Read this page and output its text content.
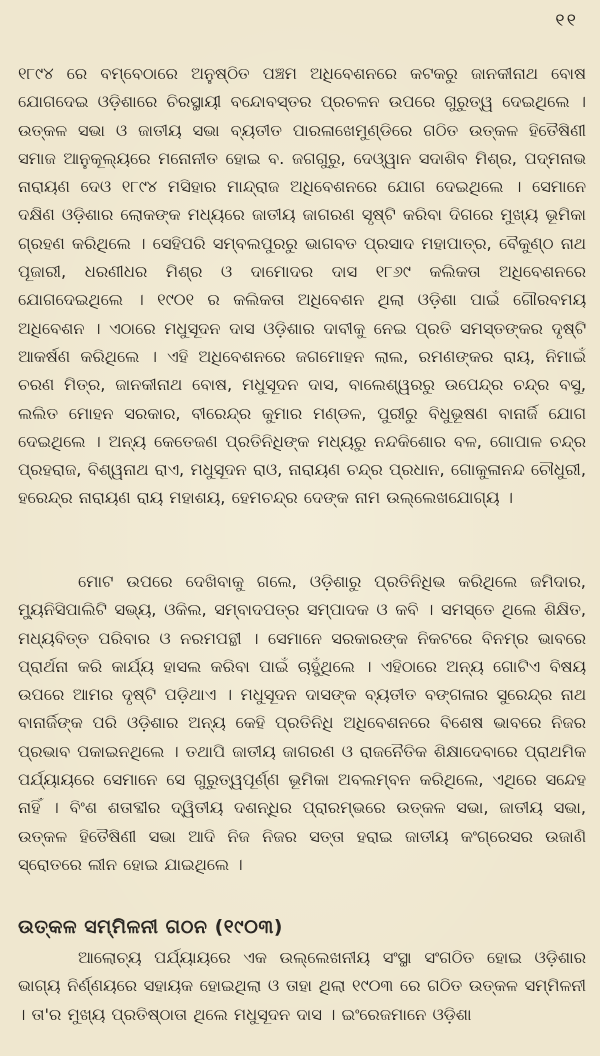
୧୧

୧୮୯୪ ରେ ବମ୍ବେଠାରେ ଅନୁଷ୍ଠିତ ପଞ୍ଚମ ଅଧିବେଶନରେ କଟକରୁ ଜାନକୀନାଥ ବୋଷ ଯୋଗଦେଇ ଓଡ଼ିଶାରେ ଚିରସ୍ଥାୟୀ ବନ୍ଦୋବସ୍ତର ପ୍ରଚଳନ ଉପରେ ଗୁରୁତ୍ୱ ଦେଇଥିଲେ । ଉତ୍କଳ ସଭା ଓ ଜାତୀୟ ସଭା ବ୍ୟତୀତ ପାରଳାଖେମୁଣ୍ଡିରେ ଗଠିତ ଉତ୍କଳ ହିତୈଷିଣୀ ସମାଜ ଆନୁକୂଲ୍ୟରେ ମନୋନୀତ ହୋଇ ବ. ଜଗଗୁରୁ, ଦେଓ୍ୱାନ ସଦାଶିବ ମିଶ୍ର, ପଦ୍ମନାଭ ନାରାୟଣ ଦେଓ ୧୮୯୪ ମସିହାର ମାନ୍ଦ୍ରାଜ ଅଧିବେଶନରେ ଯୋଗ ଦେଇଥିଲେ । ସେମାନେ ଦକ୍ଷିଣ ଓଡ଼ିଶାର ଲୋକଙ୍କ ମଧ୍ୟରେ ଜାତୀୟ ଜାଗରଣ ସୃଷ୍ଟି କରିବା ଦିଗରେ ମୁଖ୍ୟ ଭୂମିକା ଗ୍ରହଣ କରିଥିଲେ । ସେହିପରି ସମ୍ବଲପୁରରୁ ଭାଗବତ ପ୍ରସାଦ ମହାପାତ୍ର, ବୈକୁଣ୍ଠ ନାଥ ପୂଜାରୀ, ଧରଣୀଧର ମିଶ୍ର ଓ ଦାମୋଦର ଦାସ ୧୮୬୯ କଲିକତା ଅଧିବେଶନରେ ଯୋଗଦେଇଥିଲେ । ୧୯୦୧ ର କଲିକତା ଅଧିବେଶନ ଥିଲା ଓଡ଼ିଶା ପାଇଁ ଗୌରବମୟ ଅଧିବେଶନ । ଏଠାରେ ମଧୁସୂଦନ ଦାସ ଓଡ଼ିଶାର ଦାବୀକୁ ନେଇ ପ୍ରତି ସମସ୍ତଙ୍କର ଦୃଷ୍ଟି ଆକର୍ଷଣ କରିଥିଲେ । ଏହି ଅଧିବେଶନରେ ଜଗମୋହନ ଲାଲ, ରମଣଙ୍କର ରାୟ, ନିମାଇଁ ଚରଣ ମିତ୍ର, ଜାନକୀନାଥ ବୋଷ, ମଧୁସୂଦନ ଦାସ, ବାଲେଶ୍ୱରରୁ ଉପେନ୍ଦ୍ର ଚନ୍ଦ୍ର ବସୁ, ଲଲିତ ମୋହନ ସରକାର, ବୀରେନ୍ଦ୍ର କୁମାର ମଣ୍ଡଳ, ପୁରୀରୁ ବିଧୁଭୂଷଣ ବାନାର୍ଜି ଯୋଗ ଦେଇଥିଲେ । ଅନ୍ୟ କେତେଜଣ ପ୍ରତିନିଧିଙ୍କ ମଧ୍ୟରୁ ନନ୍ଦକିଶୋର ବଳ, ଗୋପାଳ ଚନ୍ଦ୍ର ପ୍ରହରାଜ, ବିଶ୍ୱନାଥ ରାଏ, ମଧୁସୂଦନ ରାଓ, ନାରାୟଣ ଚନ୍ଦ୍ର ପ୍ରଧାନ, ଗୋକୁଳାନନ୍ଦ ଚୌଧୁରୀ, ହରେନ୍ଦ୍ର ନାରାୟଣ ରାୟ ମହାଶୟ, ହେମଚନ୍ଦ୍ର ଦେଙ୍କ ନାମ ଉଲ୍ଲେଖଯୋଗ୍ୟ ।

ମୋଟ ଉପରେ ଦେଖିବାକୁ ଗଲେ, ଓଡ଼ିଶାରୁ ପ୍ରତିନିଧିଭ କରିଥିଲେ ଜମିଦାର, ମ୍ୟୁନିସିପାଲିଟି ସଭ୍ୟ, ଓକିଲ, ସମ୍ବାଦପତ୍ର ସମ୍ପାଦକ ଓ କବି । ସମସ୍ତେ ଥିଲେ ଶିକ୍ଷିତ, ମଧ୍ୟବିତ୍ତ ପରିବାର ଓ ନରମପନ୍ଥୀ । ସେମାନେ ସରକାରଙ୍କ ନିକଟରେ ବିନମ୍ର ଭାବରେ ପ୍ରାର୍ଥନା କରି କାର୍ଯ୍ୟ ହାସଲ କରିବା ପାଇଁ ଚାହୁଁଥିଲେ । ଏହିଠାରେ ଅନ୍ୟ ଗୋଟିଏ ବିଷୟ ଉପରେ ଆମର ଦୃଷ୍ଟି ପଡ଼ିଥାଏ । ମଧୁସୂଦନ ଦାସଙ୍କ ବ୍ୟତୀତ ବଙ୍ଗଳାର ସୁରେନ୍ଦ୍ର ନାଥ ବାନାର୍ଜିଙ୍କ ପରି ଓଡ଼ିଶାର ଅନ୍ୟ କେହି ପ୍ରତିନିଧି ଅଧିବେଶନରେ ବିଶେଷ ଭାବରେ ନିଜର ପ୍ରଭାବ ପକାଇନଥିଲେ । ତଥାପି ଜାତୀୟ ଜାଗରଣ ଓ ରାଜନୈତିକ ଶିକ୍ଷାଦେବାରେ ପ୍ରାଥମିକ ପର୍ଯ୍ୟାୟରେ ସେମାନେ ସେ ଗୁରୁତ୍ୱପୂର୍ଣ୍ଣ ଭୂମିକା ଅବଲମ୍ବନ କରିଥିଲେ, ଏଥିରେ ସନ୍ଦେହ ନାହିଁ । ବିଂଶ ଶତାବ୍ଦୀର ଦ୍ୱିତୀୟ ଦଶନ୍ଧିର ପ୍ରାରମ୍ଭରେ ଉତ୍କଳ ସଭା, ଜାତୀୟ ସଭା, ଉତ୍କଳ ହିତୈଷିଣୀ ସଭା ଆଦି ନିଜ ନିଜର ସତ୍ତା ହରାଇ ଜାତୀୟ କଂଗ୍ରେସର ଉଜାଣି ସ୍ରୋତରେ ଲୀନ ହୋଇ ଯାଇଥିଲେ ।

ଉତ୍କଳ ସମ୍ମିଳନୀ ଗଠନ (୧୯୦୩)

ଆଲୋଚ୍ୟ ପର୍ଯ୍ୟାୟରେ ଏକ ଉଲ୍ଲେଖନୀୟ ସଂସ୍ଥା ସଂଗଠିତ ହୋଇ ଓଡ଼ିଶାର ଭାଗ୍ୟ ନିର୍ଣ୍ଣୟରେ ସହାୟକ ହୋଇଥିଲା ଓ ତାହା ଥିଲା ୧୯୦୩ ରେ ଗଠିତ ଉତ୍କଳ ସମ୍ମିଳନୀ । ତା'ର ମୁଖ୍ୟ ପ୍ରତିଷ୍ଠାତା ଥିଲେ ମଧୁସୂଦନ ଦାସ । ଇଂରେଜମାନେ ଓଡ଼ିଶା
